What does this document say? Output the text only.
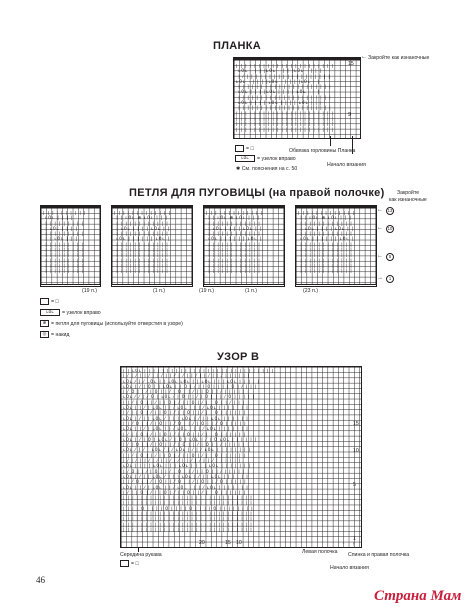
ПЛАНКА
| | | | | | | | | | | | | | | | | | | | | |
ʟ0ʟ   | | |ʟ0ʟ   | | |ʟ0ʟ   | | |
| ⁄ | | | | | | | | | | | | | | | | | | |
ʟ0ʟ   | | | |ʟ0ʟ   | | | |ʟ0ʟ | |
| | | | | | | | | | | | | | | | | | | | |
ʟ0ʟ | | | |ʟ0ʟ | | | | ʟ0ʟ   | |
| | | | | | | | | | | | | | | | | | | | |
ʟ0ʟ | | | | ʟ0ʟ | | | | ʟ0ʟ | | |
| | | | | | | | | | | | | | | | | | | | |
| | | | | | | | | | | | | | | | | | | | | |
| | | | | | | | | | | | | | | | | | | | | |
| | | | | | | | | | | | | | | | | | | | | |
| | | | | | | | | | | | | | | | | | | | | |
15
9
← Закройте как изнаночные
Обвязка горловины Планка
Начало вязания
= □
ʟ0ʟ	= узелок вправо
✱ См. пояснения на с. 50
ПЕТЛЯ ДЛЯ ПУГОВИЦЫ (на правой полочке) Закройте
как изнаночные
| | | | | | | | | |
ʟ0ʟ | | | |
| | | | | | | | |
| ʟ0ʟ | | | |
| | | | | | | | |
| | ʟ0ʟ | | |
| | | | | | | | |
| | | | | | | | |
| | | | | | | | |
| | | | | | | | |
| | | | | | | | |
| | | | | | | | |
| | | | | | | | | | | | |
| | ʟ0ʟ ⊕ ʟ0ʟ | | |
| | | | | | | | | | | |
| ʟ0ʟ | | | | ʟ0ʟ | |
| | | | | | | | | | | |
ʟ0ʟ | | | | | | ʟ0ʟ |
| | | | | | | | | | | |
| | | | | | | | | | | |
| | | | | | | | | | | |
| | | | | | | | | | | |
| | | | | | | | | | | |
| | | | | | | | | | | |
| | | | | | | | | | | | |
| | ʟ0ʟ ⊕ ʟ0ʟ | | |
| | | | | | | | | | | |
| ʟ0ʟ | | | | ʟ0ʟ | |
| | | | | | | | | | | |
ʟ0ʟ | | | | | | ʟ0ʟ |
| | | | | | | | | | | |
| | | | | | | | | | | |
| | | | | | | | | | | |
| | | | | | | | | | | |
| | | | | | | | | | | |
| | | | | | | | | | | |
| | | | | | | | | | | | |
| | ʟ0ʟ ⊕ ʟ0ʟ | | |
| | | | | | | | | | | |
| ʟ0ʟ | | | | ʟ0ʟ | |
| | | | | | | | | | | |
ʟ0ʟ | | | | | | ʟ0ʟ |
| | | | | | | | | | | |
| | | | | | | | | | | |
| | | | | | | | | | | |
| | | | | | | | | | | |
| | | | | | | | | | | |
| | | | | | | | | | | |
←	13
←	10
←	5
→	1
(19 п.)	(1 п.)	(19 п.)	(1 п.)	(23 п.)
= □
ʟ0ʟ	= узелок вправо
⊕ = петля для пуговицы (используйте отверстия в узоре)
◎ = накид
УЗОР В
| | ʟ0ʟ | | | | | | | | | | | | | | | | | | | | | | | | | | | | |
| ⁄ | ⁄ | | ⁄ | | ⁄ | | ⁄ | ⁄ | | ⁄ | | ⁄ | | ⁄ | | | | | |
ʟ0ʟ ⁄ | ⁄ ʟ0ʟ | | ʟ0ʟ ʟ0ʟ | | ʟ0ʟ | | | ʟ0ʟ | | | | |
ʟ0ʟ | ⁄ | 0 | | ʟ0ʟ | | 0 | ⁄ | | 0 | | | | 0 | ⁄ | | |
| ⁄ 0 | | ⁄ | 0 | | ⁄ | 0 | | ⁄ | | 0 | | ⁄ | | | | | |
ʟ0ʟ ⁄ ⁄ | ⁄ 0 | ʟ0ʟ ⁄ | 0 | | ⁄ | 0 | | | ⁄ 0 | | | | |
| | ⁄ | 0 | | ⁄ | | 0 | ⁄ | | 0 | ⁄ | | 0 | | ⁄ | | | |
ʟ0ʟ | | ⁄ | ʟ0ʟ | | ⁄ ʟ0ʟ | | | ⁄ ʟ0ʟ | | | | | | |
| ⁄ | | 0 | ⁄ | | 0 | ⁄ | | 0 | | ⁄ | | 0 | | | | | |
ʟ0ʟ | ⁄ | | ʟ0ʟ ⁄ | | | ʟ0ʟ | ⁄ | | ʟ0ʟ | | | | | |
| | ⁄ 0 | | ⁄ | 0 | | ⁄ 0 | | ⁄ | 0 | | ⁄ 0 | | | | |
ʟ0ʟ | | ⁄ | ʟ0ʟ | | ⁄ ʟ0ʟ | | | ⁄ ʟ0ʟ | | | | | | |
| ⁄ | | 0 | ⁄ | | 0 | ⁄ | | 0 | | ⁄ | | 0 | | | | | |
ʟ0ʟ | ⁄ | 0 | ʟ0ʟ ⁄ | 0 | ʟ0ʟ | ⁄ | 0 ʟ0ʟ | | | | | |
| ⁄ | 0 | | ⁄ | 0 | | ⁄ | 0 | | ⁄ | 0 | | ⁄ | | | | | |
ʟ0ʟ ⁄ | ⁄ | ʟ0ʟ ⁄ | ⁄ ʟ0ʟ | ⁄ | ⁄ ʟ0ʟ | | | | | | | |
| | ⁄ | 0 | | ⁄ | | 0 | ⁄ | | 0 | ⁄ | | 0 | | | | | |
| ⁄ | ⁄ | | ⁄ | ⁄ | | ⁄ | ⁄ | | ⁄ | ⁄ | | ⁄ | | | | | |
ʟ0ʟ | | | | ʟ0ʟ | | | ʟ0ʟ | | | | ʟ0ʟ | | | | | | | |
| ⁄ 0 | | ⁄ | 0 | | ⁄ | 0 | | ⁄ | | 0 | | ⁄ | | | | | |
ʟ0ʟ | ⁄ | | ʟ0ʟ ⁄ | | | ʟ0ʟ | ⁄ | | ʟ0ʟ | | | | | |
| | ⁄ 0 | | ⁄ | 0 | | ⁄ 0 | | ⁄ | 0 | | ⁄ 0 | | | | |
ʟ0ʟ | | ⁄ | ʟ0ʟ | | ⁄ ʟ0ʟ | | | ⁄ ʟ0ʟ | | | | | | |
| ⁄ | | 0 | ⁄ | | 0 | ⁄ | | 0 | | ⁄ | | 0 | | | | | |
| | | | | | | | | | | | | | | | | | | | | | | | | | | | |
| | | | | | | | | | | | | | | | | | | | | | | | | | | | |
| | | | 0 | | | | 0 | | | | 0 | | | | 0 | | | | | | | |
| | | | | | | | | | | | | | | | | | | | | | | | | | | | |
| | | | | | | | | | | | | | | | | | | | | | | | | | | | |
| | | | | | | | | | | | | | | | | | | | | | | | | | | | |
| | | | | | | | | | | | | | | | | | | | | | | | | | | | |
15
10
5
1
20	15 10
Середина рукава	Левая полочка Спинка и правая полочка
↑ ↑
Начало вязания
= □
46
Страна Мам
